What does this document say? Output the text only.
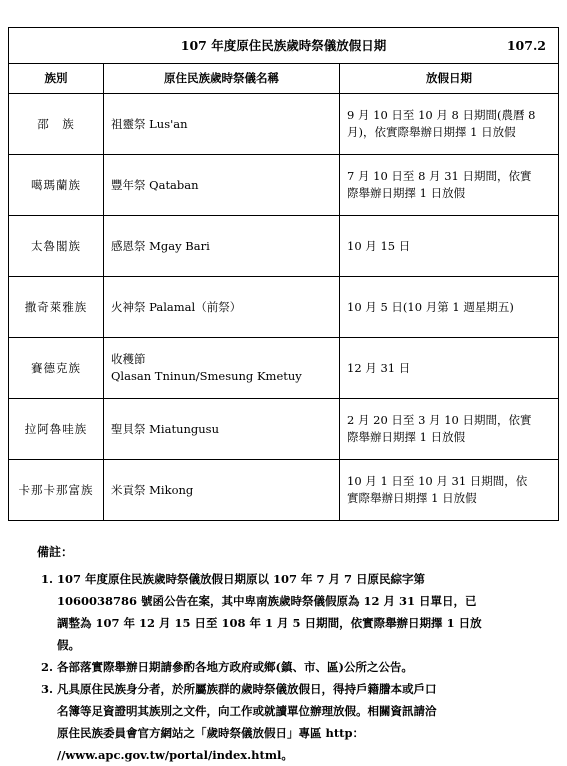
107 年度原住民族歲時祭儀放假日期 107.2		

族別	原住民族歲時祭儀名稱	放假日期
邵　族	祖靈祭 Lus'an	9 月 10 日至 10 月 8 日期間(農曆 8
月)，依實際舉辦日期擇 1 日放假
噶瑪蘭族	豐年祭 Qataban	7 月 10 日至 8 月 31 日期間，依實
際舉辦日期擇 1 日放假
太魯閣族	感恩祭 Mgay Bari	10 月 15 日
撒奇萊雅族	火神祭 Palamal（前祭）	10 月 5 日(10 月第 1 週星期五)
賽德克族	收穫節
Qlasan Tninun/Smesung Kmetuy	12 月 31 日
拉阿魯哇族	聖貝祭 Miatungusu	2 月 20 日至 3 月 10 日期間，依實
際舉辦日期擇 1 日放假
卡那卡那富族	米貢祭 Mikong	10 月 1 日至 10 月 31 日期間，依
實際舉辦日期擇 1 日放假
備註：
1. 107 年度原住民族歲時祭儀放假日期原以 107 年 7 月 7 日原民綜字第
1060038786 號函公告在案，其中卑南族歲時祭儀假原為 12 月 31 日單日，已
調整為 107 年 12 月 15 日至 108 年 1 月 5 日期間，依實際舉辦日期擇 1 日放
假。
2. 各部落實際舉辦日期請參酌各地方政府或鄉(鎮、市、區)公所之公告。
3. 凡具原住民族身分者，於所屬族群的歲時祭儀放假日，得持戶籍謄本或戶口
名簿等足資證明其族別之文件，向工作或就讀單位辦理放假。相關資訊請洽
原住民族委員會官方網站之「歲時祭儀放假日」專區 http：
//www.apc.gov.tw/portal/index.html。
